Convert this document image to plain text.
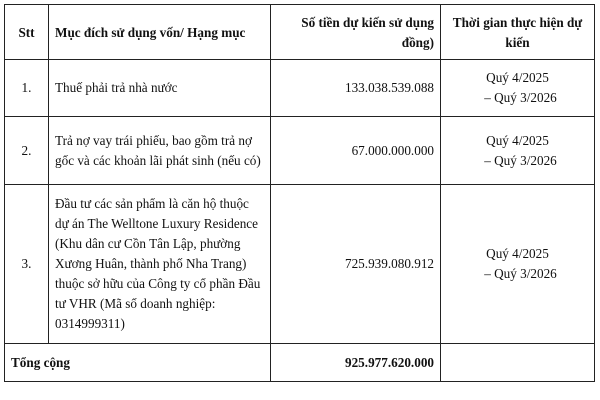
Stt	Mục đích sử dụng vốn/ Hạng mục	Số tiền dự kiến sử dụng đồng)	Thời gian thực hiện dự kiến
1.	Thuế phải trả nhà nước	133.038.539.088	Quý 4/2025
– Quý 3/2026

2.	Trả nợ vay trái phiếu, bao gồm trả nợ gốc và các khoản lãi phát sinh (nếu có)	67.000.000.000	Quý 4/2025
– Quý 3/2026

3.	Đầu tư các sản phẩm là căn hộ thuộc dự án The Welltone Luxury Residence (Khu dân cư Cồn Tân Lập, phường Xương Huân, thành phố Nha Trang) thuộc sở hữu của Công ty cổ phần Đầu tư VHR (Mã số doanh nghiệp: 0314999311)	725.939.080.912	Quý 4/2025
– Quý 3/2026

Tổng cộng		925.977.620.000	
